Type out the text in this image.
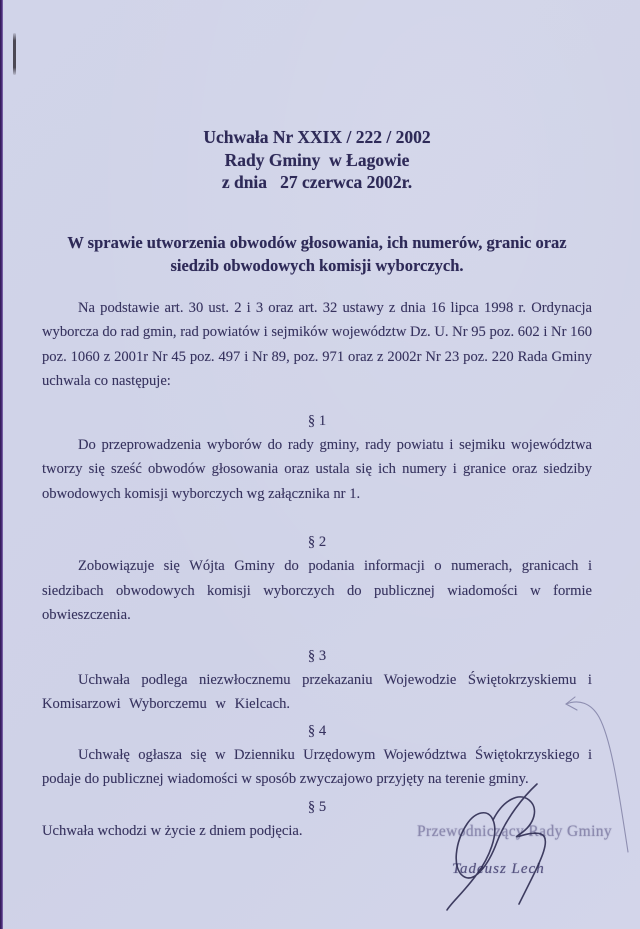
Uchwała Nr XXIX / 222 / 2002
Rady Gminy  w Łagowie
z dnia   27 czerwca 2002r.
W sprawie utworzenia obwodów głosowania, ich numerów, granic oraz siedzib obwodowych komisji wyborczych.

Na podstawie art. 30 ust. 2 i 3 oraz art. 32 ustawy z dnia 16 lipca 1998 r. Ordynacja wyborcza do rad gmin, rad powiatów i sejmików województw Dz. U. Nr 95 poz. 602 i Nr 160 poz. 1060 z 2001r Nr 45 poz. 497 i Nr 89, poz. 971 oraz z 2002r Nr 23 poz. 220 Rada Gminy uchwala co następuje:

§ 1

Do przeprowadzenia wyborów do rady gminy, rady powiatu i sejmiku województwa tworzy się sześć obwodów głosowania oraz ustala się ich numery i granice oraz siedziby obwodowych komisji wyborczych wg załącznika nr 1.

§ 2

Zobowiązuje się Wójta Gminy do podania informacji o numerach, granicach i siedzibach obwodowych komisji wyborczych do publicznej wiadomości w formie obwieszczenia.

§ 3

Uchwała podlega niezwłocznemu przekazaniu Wojewodzie Świętokrzyskiemu i Komisarzowi Wyborczemu w Kielcach.

§ 4

Uchwałę ogłasza się w Dzienniku Urzędowym Województwa Świętokrzyskiego i podaje do publicznej wiadomości w sposób zwyczajowo przyjęty na terenie gminy.

§ 5

Uchwała wchodzi w życie z dniem podjęcia.	Przewodniczący Rady Gminy
Tadeusz Lech
